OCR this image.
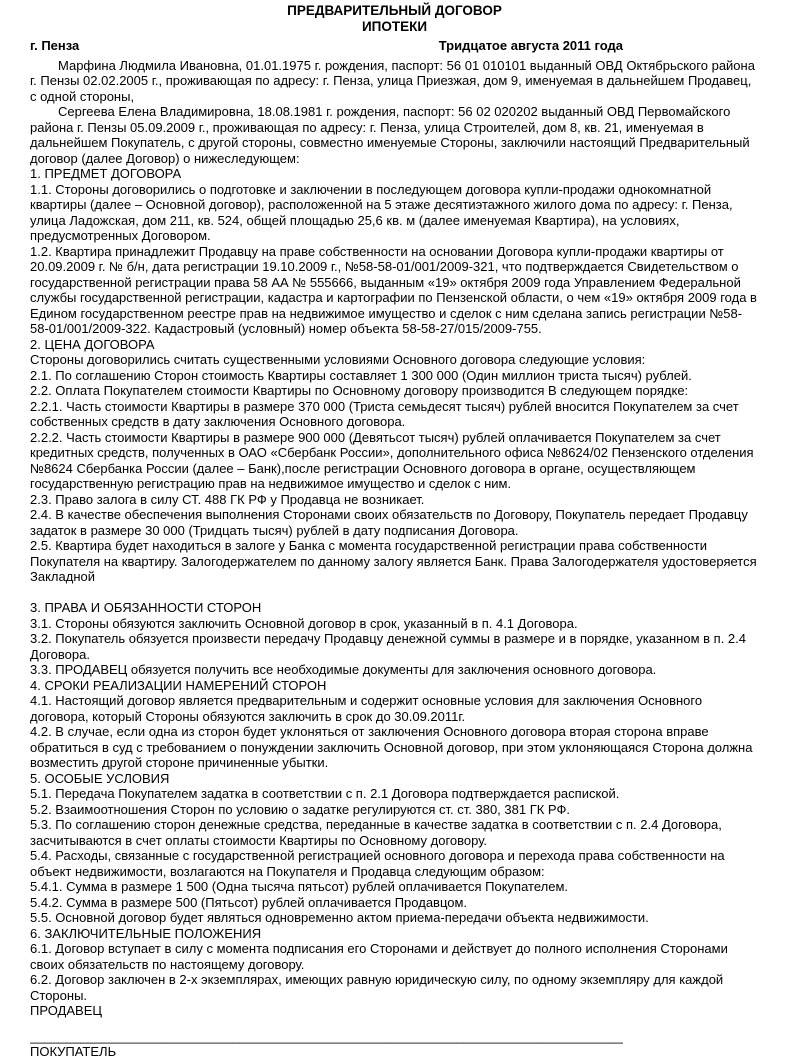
ПРЕДВАРИТЕЛЬНЫЙ ДОГОВОР
ИПОТЕКИ
г. Пенза	Тридцатое августа 2011 года

Марфина Людмила Ивановна, 01.01.1975 г. рождения, паспорт: 56 01 010101 выданный ОВД Октябрьского района г. Пензы 02.02.2005 г., проживающая по адресу: г. Пенза, улица Приезжая, дом 9, именуемая в дальнейшем Продавец, с одной стороны,

Сергеева Елена Владимировна, 18.08.1981 г. рождения, паспорт: 56 02 020202 выданный ОВД Первомайского района г. Пензы 05.09.2009 г., проживающая по адресу: г. Пенза, улица Строителей, дом 8, кв. 21, именуемая в дальнейшем Покупатель, с другой стороны, совместно именуемые Стороны, заключили настоящий Предварительный договор (далее Договор) о нижеследующем:

1. ПРЕДМЕТ ДОГОВОРА

1.1. Стороны договорились о подготовке и заключении в последующем договора купли-продажи однокомнатной квартиры (далее – Основной договор), расположенной на 5 этаже десятиэтажного жилого дома по адресу: г. Пенза, улица Ладожская, дом 211, кв. 524, общей площадью 25,6 кв. м (далее именуемая Квартира), на условиях, предусмотренных Договором.

1.2. Квартира принадлежит Продавцу на праве собственности на основании Договора купли-продажи квартиры от 20.09.2009 г. № б/н, дата регистрации 19.10.2009 г., №58-58-01/001/2009-321, что подтверждается Свидетельством о государственной регистрации права 58 АА № 555666, выданным «19» октября 2009 года Управлением Федеральной службы государственной регистрации, кадастра и картографии по Пензенской области, о чем «19» октября 2009 года в Едином государственном реестре прав на недвижимое имущество и сделок с ним сделана запись регистрации №58-58-01/001/2009-322. Кадастровый (условный) номер объекта 58-58-27/015/2009-755.

2. ЦЕНА ДОГОВОРА

Стороны договорились считать существенными условиями Основного договора следующие условия:

2.1. По соглашению Сторон стоимость Квартиры составляет 1 300 000 (Один миллион триста тысяч) рублей.

2.2. Оплата Покупателем стоимости Квартиры по Основному договору производится В следующем порядке:

2.2.1. Часть стоимости Квартиры в размере 370 000 (Триста семьдесят тысяч) рублей вносится Покупателем за счет собственных средств в дату заключения Основного договора.

2.2.2. Часть стоимости Квартиры в размере 900 000 (Девятьсот тысяч) рублей оплачивается Покупателем за счет кредитных средств, полученных в ОАО «Сбербанк России», дополнительного офиса №8624/02 Пензенского отделения №8624 Сбербанка России (далее – Банк),после регистрации Основного договора в органе, осуществляющем государственную регистрацию прав на недвижимое имущество и сделок с ним.

2.3. Право залога в силу СТ. 488 ГК РФ у Продавца не возникает.

2.4. В качестве обеспечения выполнения Сторонами своих обязательств по Договору, Покупатель передает Продавцу задаток в размере 30 000 (Тридцать тысяч) рублей в дату подписания Договора.

2.5. Квартира будет находиться в залоге у Банка с момента государственной регистрации права собственности Покупателя на квартиру. Залогодержателем по данному залогу является Банк. Права Залогодержателя удостоверяется Закладной

3. ПРАВА И ОБЯЗАННОСТИ СТОРОН

3.1. Стороны обязуются заключить Основной договор в срок, указанный в п. 4.1 Договора.

3.2. Покупатель обязуется произвести передачу Продавцу денежной суммы в размере и в порядке, указанном в п. 2.4 Договора.

3.3. ПРОДАВЕЦ обязуется получить все необходимые документы для заключения основного договора.

4. СРОКИ РЕАЛИЗАЦИИ НАМЕРЕНИЙ СТОРОН

4.1. Настоящий договор является предварительным и содержит основные условия для заключения Основного договора, который Стороны обязуются заключить в срок до 30.09.2011г.

4.2. В случае, если одна из сторон будет уклоняться от заключения Основного договора вторая сторона вправе обратиться в суд с требованием о понуждении заключить Основной договор, при этом уклоняющаяся Сторона должна возместить другой стороне причиненные убытки.

5. ОСОБЫЕ УСЛОВИЯ

5.1. Передача Покупателем задатка в соответствии с п. 2.1 Договора подтверждается распиской.

5.2. Взаимоотношения Сторон по условию о задатке регулируются ст. ст. 380, 381 ГК РФ.

5.3. По соглашению сторон денежные средства, переданные в качестве задатка в соответствии с п. 2.4 Договора, засчитываются в счет оплаты стоимости Квартиры по Основному договору.

5.4. Расходы, связанные с государственной регистрацией основного договора и перехода права собственности на объект недвижимости, возлагаются на Покупателя и Продавца следующим образом:

5.4.1. Сумма в размере 1 500 (Одна тысяча пятьсот) рублей оплачивается Покупателем.

5.4.2. Сумма в размере 500 (Пятьсот) рублей оплачивается Продавцом.

5.5. Основной договор будет являться одновременно актом приема-передачи объекта недвижимости.

6. ЗАКЛЮЧИТЕЛЬНЫЕ ПОЛОЖЕНИЯ

6.1. Договор вступает в силу с момента подписания его Сторонами и действует до полного исполнения Сторонами своих обязательств по настоящему договору.

6.2. Договор заключен в 2-х экземплярах, имеющих равную юридическую силу, по одному экземпляру для каждой Стороны.

ПРОДАВЕЦ

__________________________________________________________________________________

ПОКУПАТЕЛЬ
